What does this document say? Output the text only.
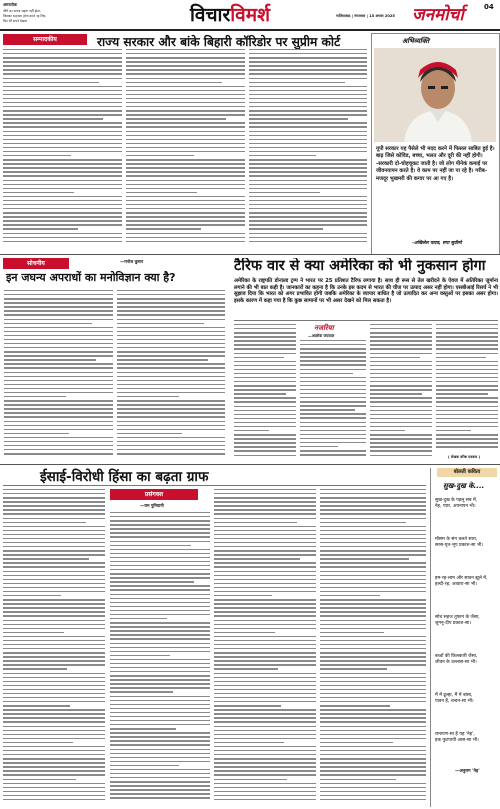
अमरलोक
जीने का सपना सहना नहीं होता,
जिसका सहजता होना करते रह लिए,
फिर भी सपने देखना	विचारविमर्श	गाज़ियाबाद | मंगलवार | 15 अगस्त 2025 जनमोर्चा	04
सम्पादकीय	राज्य सरकार और बांके बिहारी कॉरिडोर पर सुप्रीम कोर्ट	अभिव्यक्ति
यूपी सरकार यह पैसेले भी मदद करने में फिसल साबित हुई है। बाढ़ जिसे कोविड, बच्चा, भलत और दूरी की नहीं होगी। -सरकारी दो-चोहचूकट जाती है। जो लोग पीनेकं कमाई पर जीवनयापन करते है। वे काम पर नहीं जा पा रहे है। गरीब-मजदूर भुखमरी की कगार पर आ गए है।
-अखिलेश यादव, सपा सुप्रीमो
सोचनीय	—मनोज कुमार
इन जघन्य अपराधों का मनोविज्ञान क्या है?
टैरिफ वार से क्या अमेरिका को भी नुकसान होगा
अमेरिका के राष्ट्रपति डोनाल्ड ट्रम्प ने भारत पर 25 प्रतिशत टैरिफ लगाया है। साथ ही रूस से तेल खरीदने के ऐवज में अतिरिक्त जुर्माना लगाने की भी बात कही है। जानकारों का कहना है कि उनके इस कदम से भारत की चीज पर उत्पाद असर नहीं होगा। एसबीआई रिसर्च ने भी सुझाव दिया कि भारत को अगर प्रभावित होगी जबकि अमेरिका के व्यापार बाधित है जो उत्पादित कर अन्य वस्तुओं पर इसका असर होगा। इसके कारण में कहा गया है कि कुछ सामानों पर भी असर देखने को मिल सकता है।
नजरिया
—आलोक जयवाल
( लेखक वरिष्ठ पत्रकार )
ईसाई-विरोधी हिंसा का बढ़ता ग्राफ
प्रसंगवश
—राम पुनियानी
बोलती कविता
सुख-दुख के....
सुख-दुख के पहलू सब में,
नेह, प्यार, अपनापन भी।
मौसम के संग चलते सारा,
सरस-घृत-भूप प्रकाश-सा भी।
हम-रह-लाम और सावन झूले में,
हल्दी-रह, आवारा-सा भी।
सोच सहज तूफान के जैसा,
जुगनू-दीप प्रकाश-सा।
बच्चों की किलकारी जैसा,
जीवन के उल्लास-सा भी।
मैं में ढूल्हा, मैं में बांसा,
पावन हैं, चन्दन-सा भी।
रामायण-सा है यह 'नेह',
हक फुटपायी आस-सा भी।
—अनुराग 'नेह'
